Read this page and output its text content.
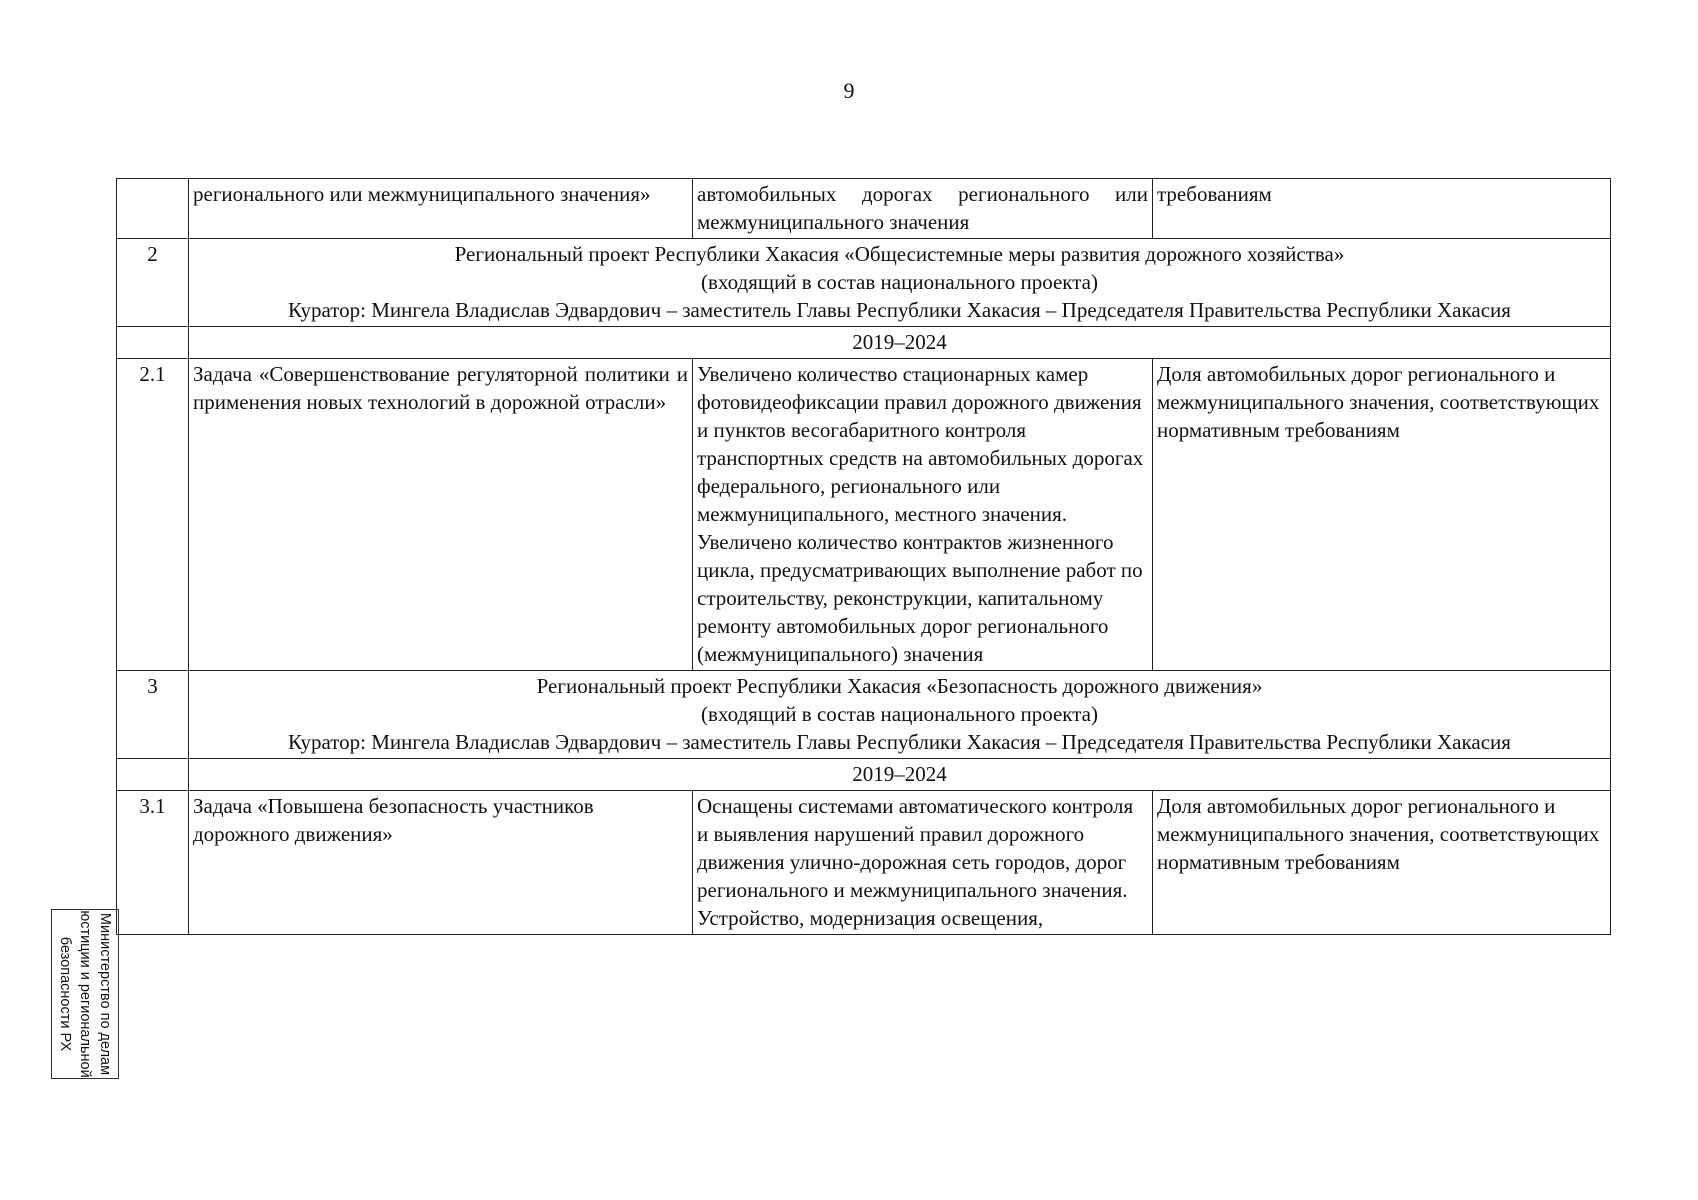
9
	регионального или межмуниципального значения»	автомобильных дорогах регионального или межмуниципального значения	требованиям
2	Региональный проект Республики Хакасия «Общесистемные меры развития дорожного хозяйства»
(входящий в состав национального проекта)
Куратор: Мингела Владислав Эдвардович – заместитель Главы Республики Хакасия – Председателя Правительства Республики Хакасия		

	2019–2024		
2.1	Задача «Совершенствование регуляторной политики и применения новых технологий в дорожной отрасли»	Увеличено количество стационарных камер фотовидеофиксации правил дорожного движения и пунктов весогабаритного контроля транспортных средств на автомобильных дорогах федерального, регионального или межмуниципального, местного значения. Увеличено количество контрактов жизненного цикла, предусматривающих выполнение работ по строительству, реконструкции, капитальному ремонту автомобильных дорог регионального (межмуниципального) значения	Доля автомобильных дорог регионального и межмуниципального значения, соответствующих нормативным требованиям
3	Региональный проект Республики Хакасия «Безопасность дорожного движения»
(входящий в состав национального проекта)
Куратор: Мингела Владислав Эдвардович – заместитель Главы Республики Хакасия – Председателя Правительства Республики Хакасия		

	2019–2024		
3.1	Задача «Повышена безопасность участников дорожного движения»	Оснащены системами автоматического контроля и выявления нарушений правил дорожного движения улично-дорожная сеть городов, дорог регионального и межмуниципального значения. Устройство, модернизация освещения,	Доля автомобильных дорог регионального и межмуниципального значения, соответствующих нормативным требованиям
Министерство по делам
юстиции и региональной
безопасности РХ
